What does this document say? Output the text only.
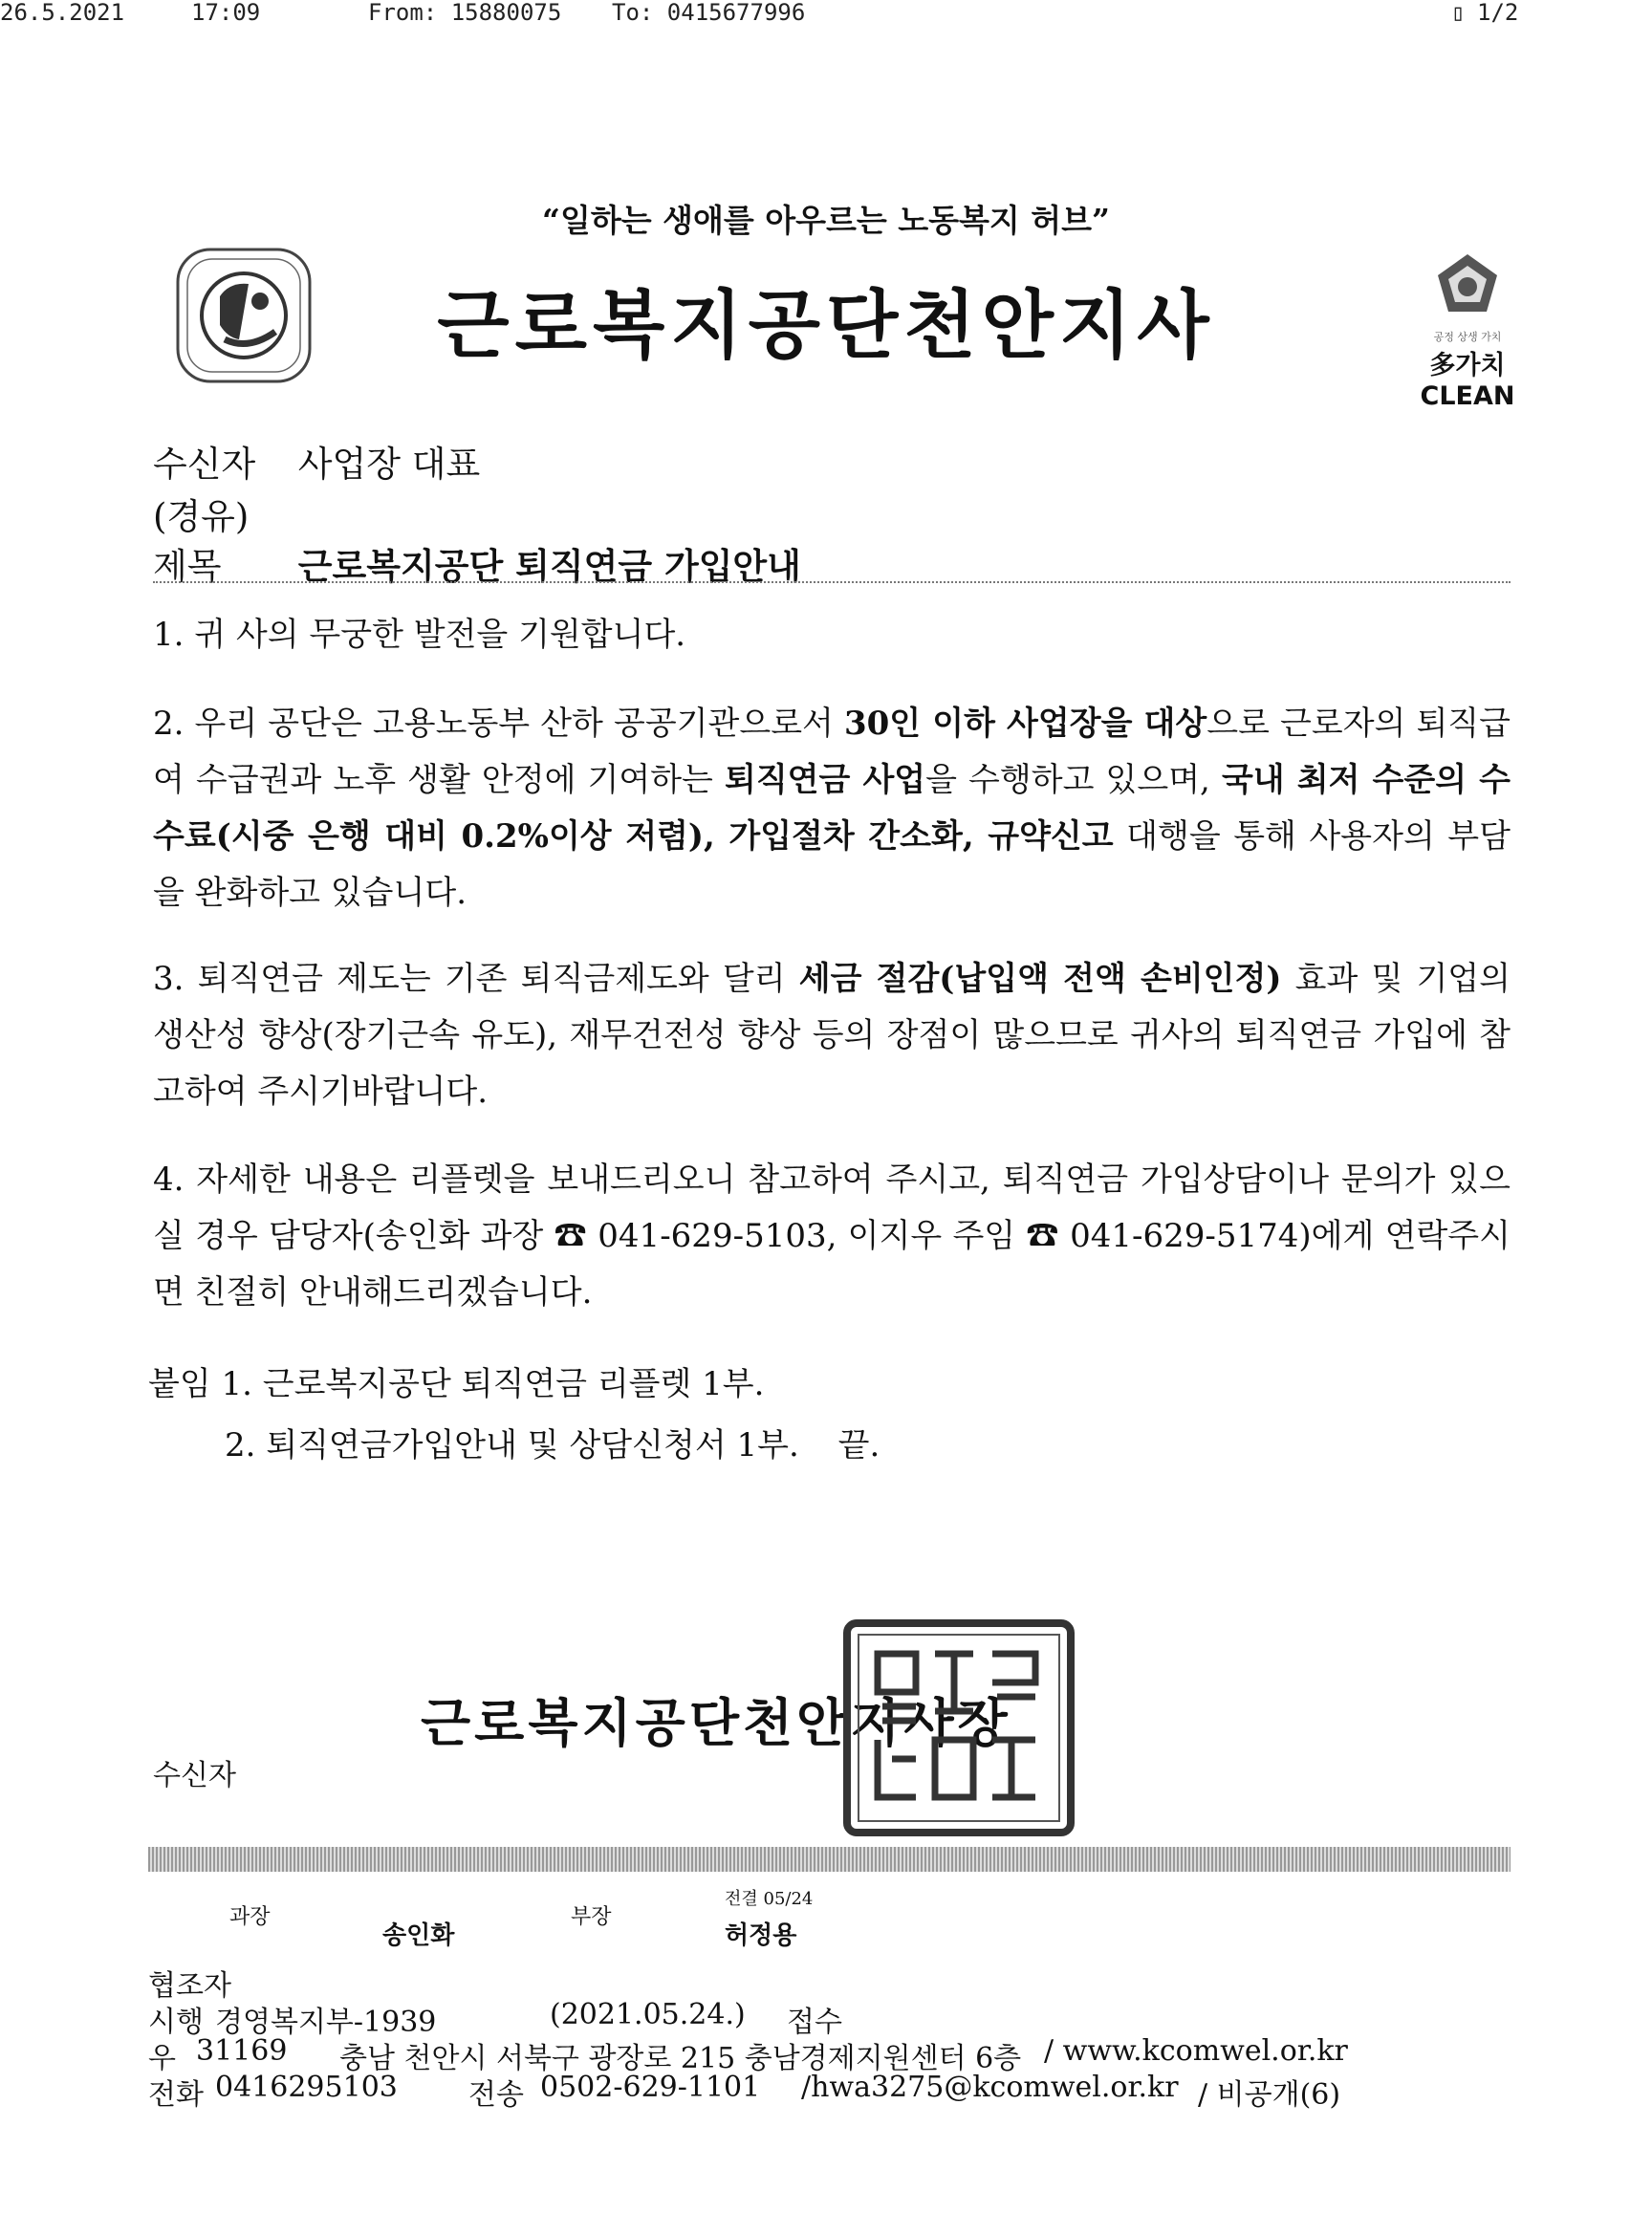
26.5.2021	17:09	From: 15880075 To: 0415677996	▯ 1/2
“일하는 생애를 아우르는 노동복지 허브”
근로복지공단천안지사	공정 상생 가치
多가치 CLEAN
수신자 사업장 대표
(경유)
제목 근로복지공단 퇴직연금 가입안내
1. 귀 사의 무궁한 발전을 기원합니다.
2. 우리 공단은 고용노동부 산하 공공기관으로서 30인 이하 사업장을 대상으로 근로자의 퇴직급여 수급권과 노후 생활 안정에 기여하는 퇴직연금 사업을 수행하고 있으며, 국내 최저 수준의 수수료(시중 은행 대비 0.2%이상 저렴), 가입절차 간소화, 규약신고 대행을 통해 사용자의 부담을 완화하고 있습니다.
3. 퇴직연금 제도는 기존 퇴직금제도와 달리 세금 절감(납입액 전액 손비인정) 효과 및 기업의 생산성 향상(장기근속 유도), 재무건전성 향상 등의 장점이 많으므로 귀사의 퇴직연금 가입에 참고하여 주시기바랍니다.
4. 자세한 내용은 리플렛을 보내드리오니 참고하여 주시고, 퇴직연금 가입상담이나 문의가 있으실 경우 담당자(송인화 과장 ☎ 041-629-5103, 이지우 주임 ☎ 041-629-5174)에게 연락주시면 친절히 안내해드리겠습니다.
붙임 1. 근로복지공단 퇴직연금 리플렛 1부.
2. 퇴직연금가입안내 및 상담신청서 1부. 끝.
근로복지공단천안지사장
수신자
과장
송인화
부장
전결 05/24
허정용
협조자
시행 경영복지부-1939	(2021.05.24.) 접수
우 31169 충남 천안시 서북구 광장로 215 충남경제지원센터 6층 / www.kcomwel.or.kr
전화 0416295103 전송 0502-629-1101 /hwa3275@kcomwel.or.kr / 비공개(6)
